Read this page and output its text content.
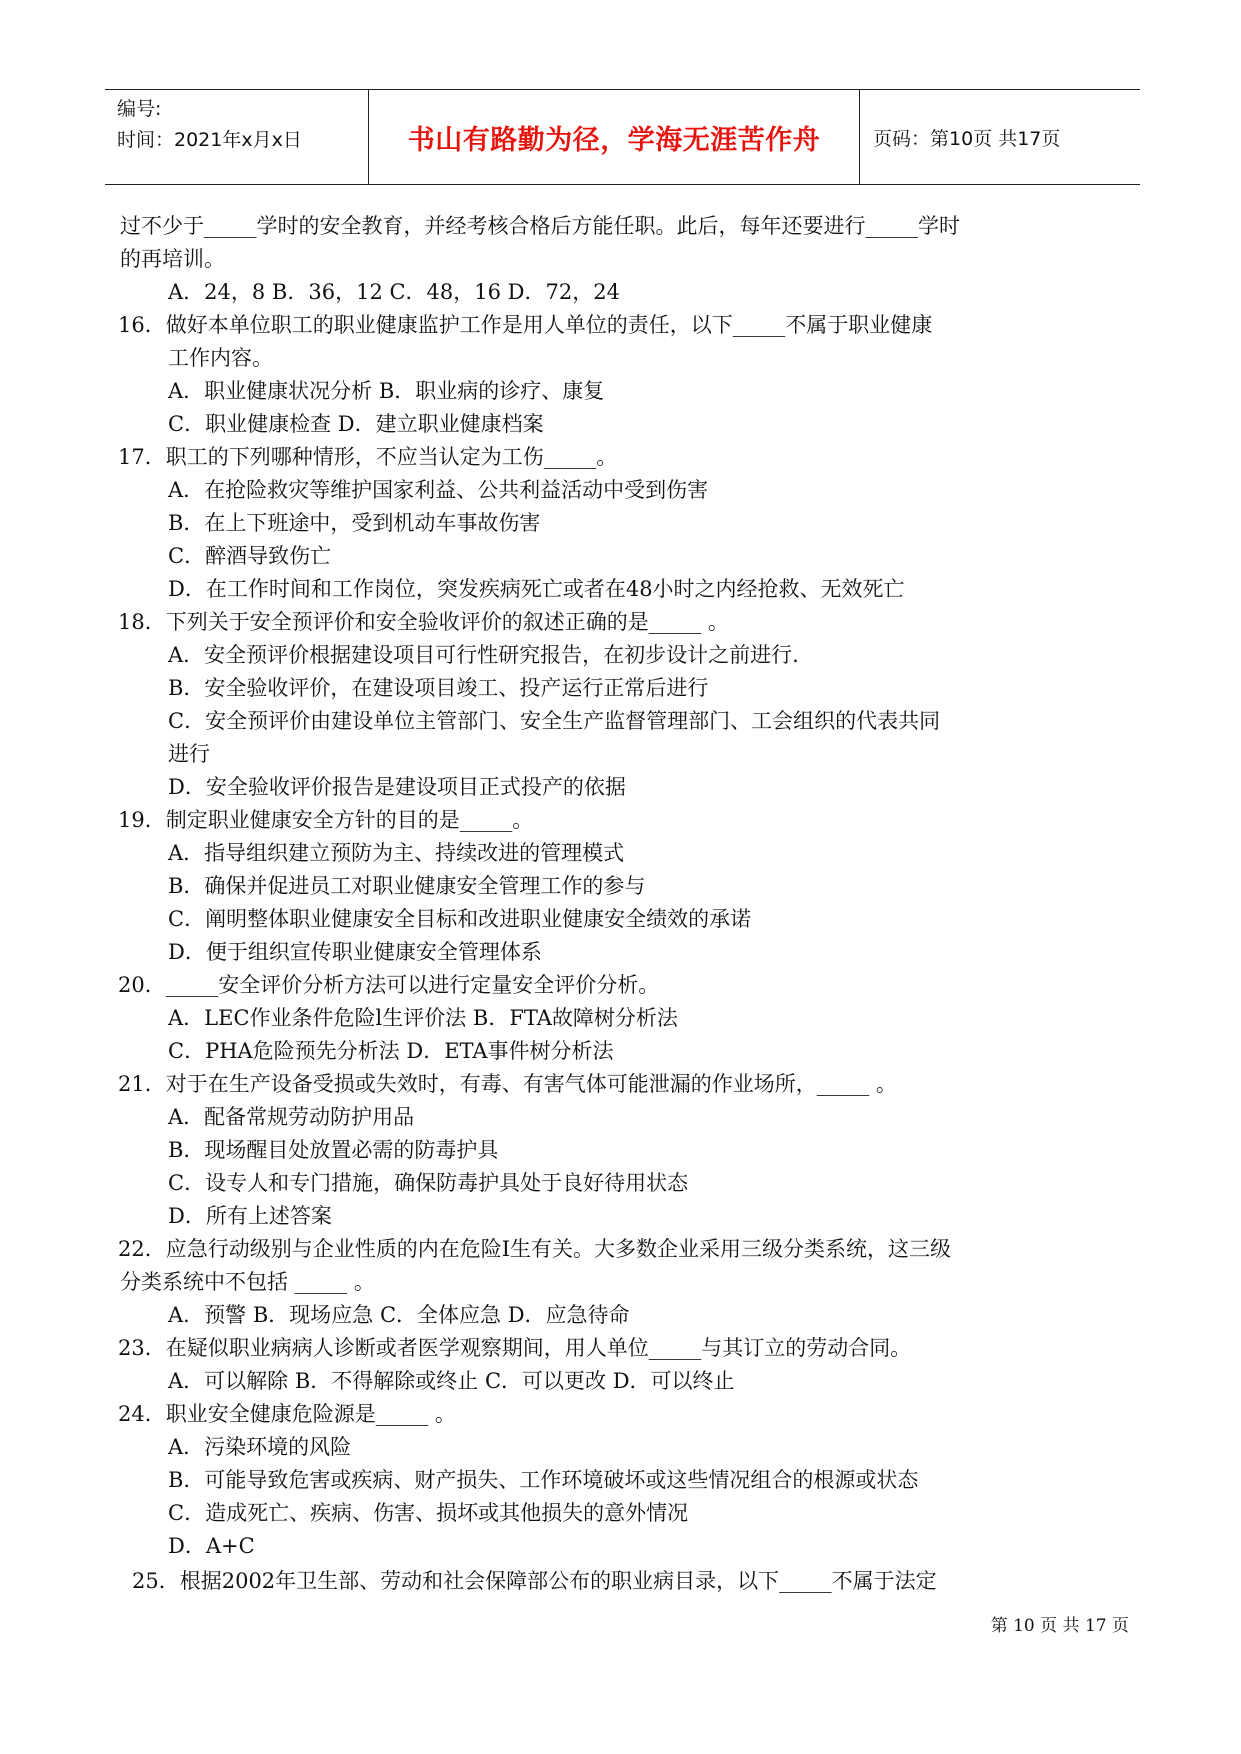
编号:
时间：2021年x月x日	书山有路勤为径，学海无涯苦作舟	页码：第10页 共17页
过不少于_____学时的安全教育，并经考核合格后方能任职。此后，每年还要进行_____学时
的再培训。
A．24，8 B．36，12 C．48，16 D．72，24
16．做好本单位职工的职业健康监护工作是用人单位的责任，以下_____不属于职业健康
工作内容。
A．职业健康状况分析 B．职业病的诊疗、康复
C．职业健康检查 D．建立职业健康档案
17．职工的下列哪种情形，不应当认定为工伤_____。
A．在抢险救灾等维护国家利益、公共利益活动中受到伤害
B．在上下班途中，受到机动车事故伤害
C．醉酒导致伤亡
D．在工作时间和工作岗位，突发疾病死亡或者在48小时之内经抢救、无效死亡
18．下列关于安全预评价和安全验收评价的叙述正确的是_____ 。
A．安全预评价根据建设项目可行性研究报告，在初步设计之前进行.
B．安全验收评价，在建设项目竣工、投产运行正常后进行
C．安全预评价由建设单位主管部门、安全生产监督管理部门、工会组织的代表共同
进行
D．安全验收评价报告是建设项目正式投产的依据
19．制定职业健康安全方针的目的是_____。
A．指导组织建立预防为主、持续改进的管理模式
B．确保并促进员工对职业健康安全管理工作的参与
C．阐明整体职业健康安全目标和改进职业健康安全绩效的承诺
D．便于组织宣传职业健康安全管理体系
20．_____安全评价分析方法可以进行定量安全评价分析。
A．LEC作业条件危险l生评价法 B．FTA故障树分析法
C．PHA危险预先分析法 D．ETA事件树分析法
21．对于在生产设备受损或失效时，有毒、有害气体可能泄漏的作业场所，_____ 。
A．配备常规劳动防护用品
B．现场醒目处放置必需的防毒护具
C．设专人和专门措施，确保防毒护具处于良好待用状态
D．所有上述答案
22．应急行动级别与企业性质的内在危险I生有关。大多数企业采用三级分类系统，这三级
分类系统中不包括 _____ 。
A．预警 B．现场应急 C．全体应急 D．应急待命
23．在疑似职业病病人诊断或者医学观察期间，用人单位_____与其订立的劳动合同。
A．可以解除 B．不得解除或终止 C．可以更改 D．可以终止
24．职业安全健康危险源是_____ 。
A．污染环境的风险
B．可能导致危害或疾病、财产损失、工作环境破坏或这些情况组合的根源或状态
C．造成死亡、疾病、伤害、损坏或其他损失的意外情况
D．A+C
25．根据2002年卫生部、劳动和社会保障部公布的职业病目录，以下_____不属于法定
第 10 页 共 17 页
